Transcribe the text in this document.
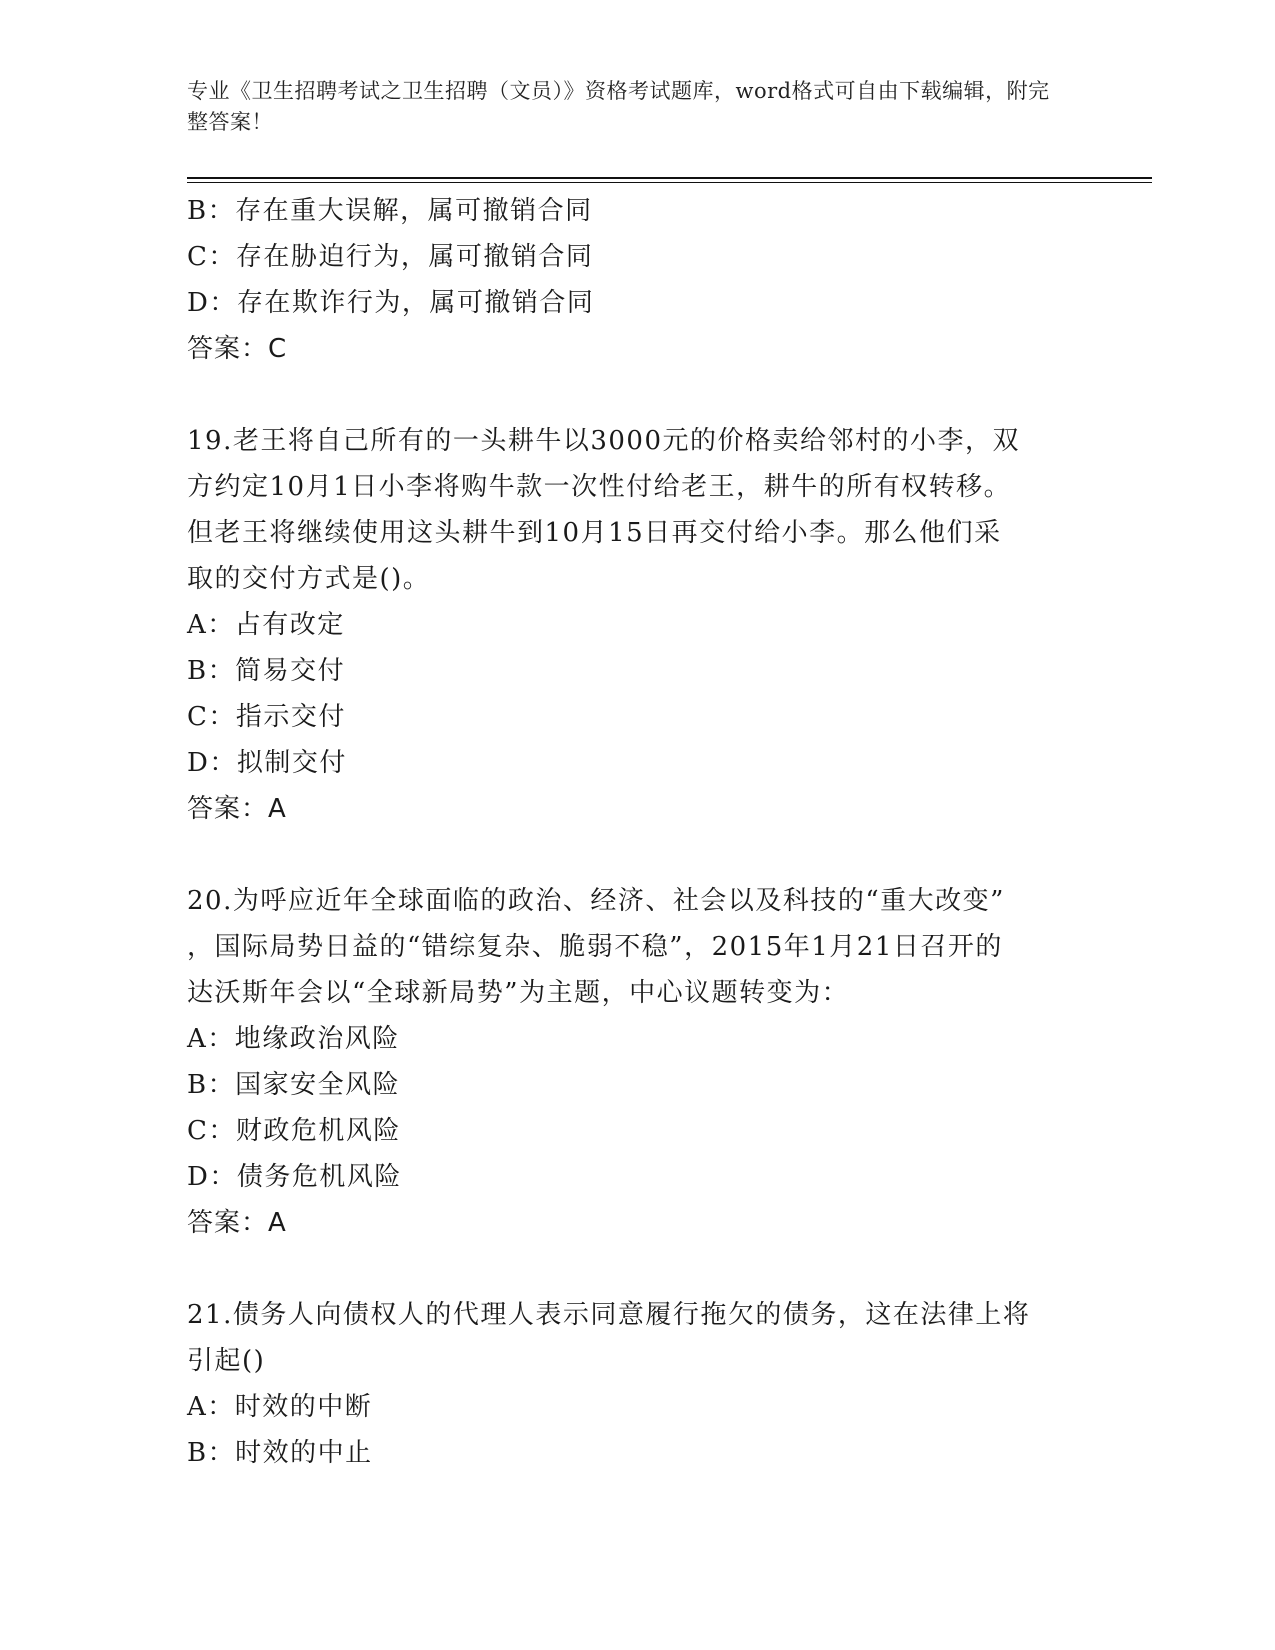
专业《卫生招聘考试之卫生招聘（文员）》资格考试题库，word格式可自由下载编辑，附完整答案！
B：存在重大误解，属可撤销合同
C：存在胁迫行为，属可撤销合同
D：存在欺诈行为，属可撤销合同
答案：C
19.老王将自己所有的一头耕牛以3000元的价格卖给邻村的小李，双
方约定10月1日小李将购牛款一次性付给老王，耕牛的所有权转移。
但老王将继续使用这头耕牛到10月15日再交付给小李。那么他们采
取的交付方式是()。
A：占有改定
B：简易交付
C：指示交付
D：拟制交付
答案：A
20.为呼应近年全球面临的政治、经济、社会以及科技的“重大改变”
，国际局势日益的“错综复杂、脆弱不稳”，2015年1月21日召开的
达沃斯年会以“全球新局势”为主题，中心议题转变为：
A：地缘政治风险
B：国家安全风险
C：财政危机风险
D：债务危机风险
答案：A
21.债务人向债权人的代理人表示同意履行拖欠的债务，这在法律上将
引起()
A：时效的中断
B：时效的中止
